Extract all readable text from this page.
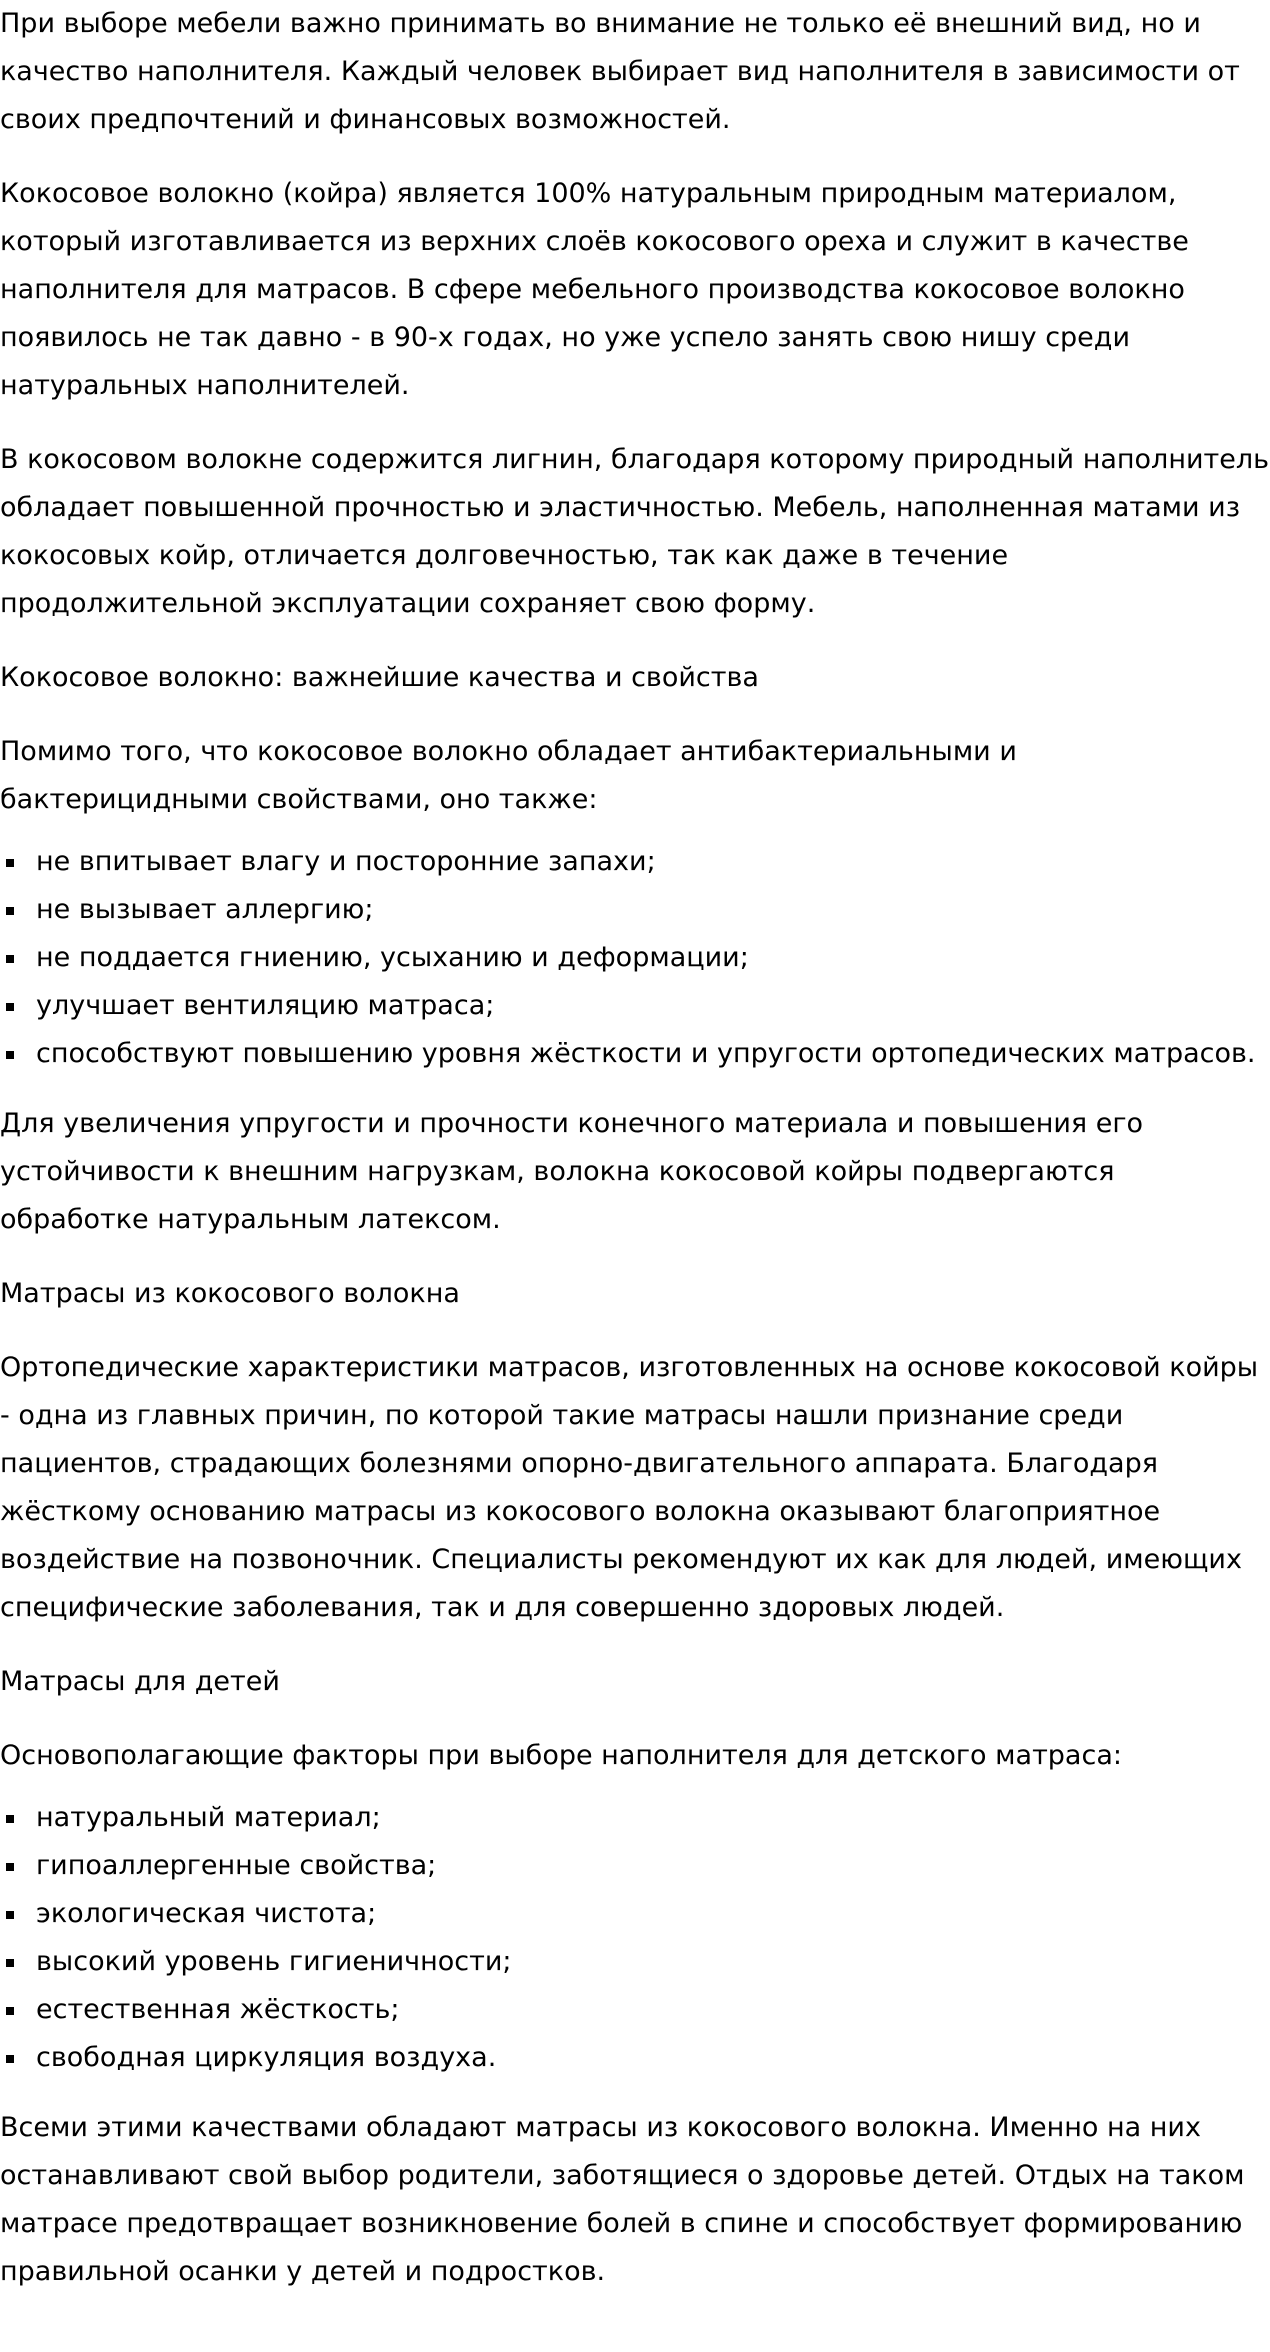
При выборе мебели важно принимать во внимание не только её внешний вид, но и качество наполнителя. Каждый человек выбирает вид наполнителя в зависимости от своих предпочтений и финансовых возможностей.

Кокосовое волокно (койра) является 100% натуральным природным материалом, который изготавливается из верхних слоёв кокосового ореха и служит в качестве наполнителя для матрасов. В сфере мебельного производства кокосовое волокно появилось не так давно - в 90-х годах, но уже успело занять свою нишу среди натуральных наполнителей.

В кокосовом волокне содержится лигнин, благодаря которому природный наполнитель обладает повышенной прочностью и эластичностью. Мебель, наполненная матами из кокосовых койр, отличается долговечностью, так как даже в течение продолжительной эксплуатации сохраняет свою форму.

Кокосовое волокно: важнейшие качества и свойства

Помимо того, что кокосовое волокно обладает антибактериальными и бактерицидными свойствами, оно также:

не впитывает влагу и посторонние запахи;
не вызывает аллергию;
не поддается гниению, усыханию и деформации;
улучшает вентиляцию матраса;
способствуют повышению уровня жёсткости и упругости ортопедических матрасов.

Для увеличения упругости и прочности конечного материала и повышения его устойчивости к внешним нагрузкам, волокна кокосовой койры подвергаются обработке натуральным латексом.

Матрасы из кокосового волокна

Ортопедические характеристики матрасов, изготовленных на основе кокосовой койры - одна из главных причин, по которой такие матрасы нашли признание среди пациентов, страдающих болезнями опорно-двигательного аппарата. Благодаря жёсткому основанию матрасы из кокосового волокна оказывают благоприятное воздействие на позвоночник. Специалисты рекомендуют их как для людей, имеющих специфические заболевания, так и для совершенно здоровых людей.

Матрасы для детей

Основополагающие факторы при выборе наполнителя для детского матраса:

натуральный материал;
гипоаллергенные свойства;
экологическая чистота;
высокий уровень гигиеничности;
естественная жёсткость;
свободная циркуляция воздуха.

Всеми этими качествами обладают матрасы из кокосового волокна. Именно на них останавливают свой выбор родители, заботящиеся о здоровье детей. Отдых на таком матрасе предотвращает возникновение болей в спине и способствует формированию правильной осанки у детей и подростков.
